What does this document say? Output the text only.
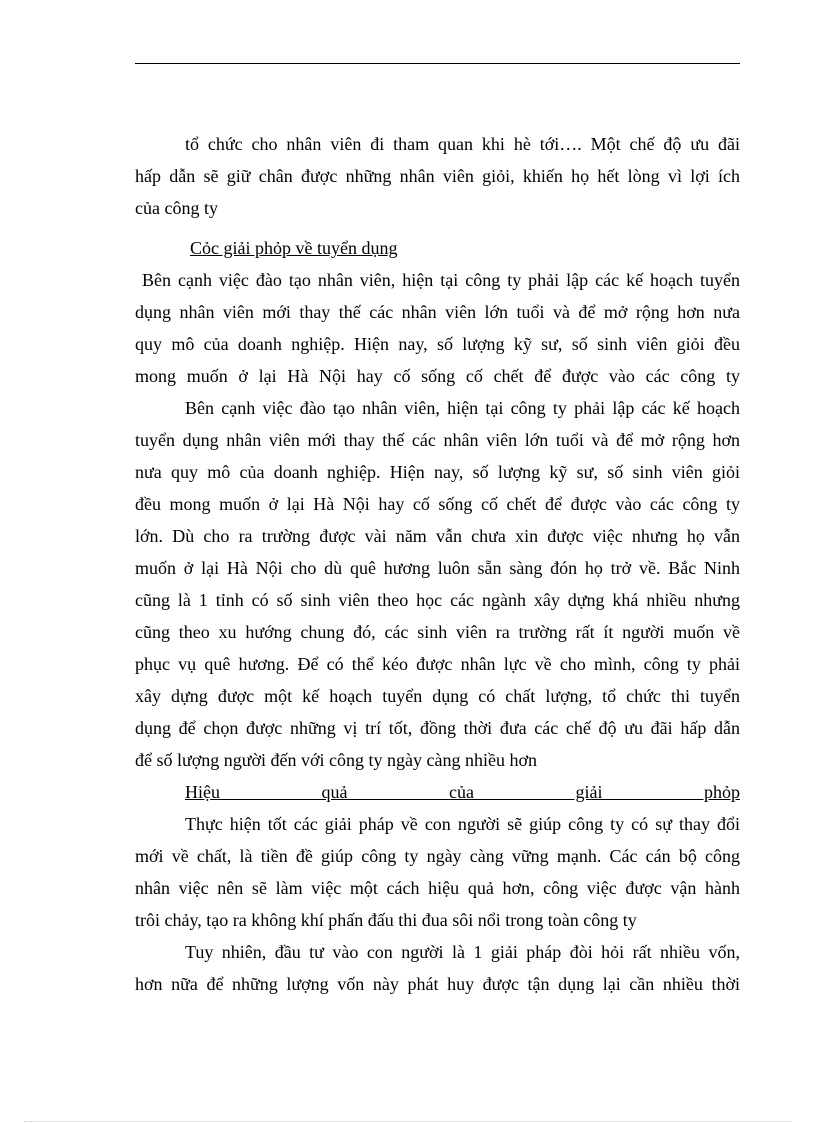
tổ chức cho nhân viên đi tham quan khi hè tới…. Một chế độ ưu đãi

hấp dẫn sẽ giữ chân được những nhân viên giỏi, khiến họ hết lòng vì lợi ích

của công ty

Cỏc giải phỏp về tuyển dụng

Bên cạnh việc đào tạo nhân viên, hiện tại công ty phải lập các kế hoạch tuyển

dụng nhân viên mới thay thế các nhân viên lớn tuổi và để mở rộng hơn nưa

quy mô của doanh nghiệp. Hiện nay, số lượng kỹ sư, số sinh viên giỏi đều

mong muốn ở lại Hà Nội hay cố sống cố chết để được vào các công ty

Bên cạnh việc đào tạo nhân viên, hiện tại công ty phải lập các kế hoạch

tuyển dụng nhân viên mới thay thế các nhân viên lớn tuổi và để mở rộng hơn

nưa quy mô của doanh nghiệp. Hiện nay, số lượng kỹ sư, số sinh viên giỏi

đều mong muốn ở lại Hà Nội hay cố sống cố chết để được vào các công ty

lớn. Dù cho ra trường được vài năm vẫn chưa xin được việc nhưng họ vẫn

muốn ở lại Hà Nội cho dù quê hương luôn sẵn sàng đón họ trở về. Bắc Ninh

cũng là 1 tỉnh có số sinh viên theo học các ngành xây dựng khá nhiều nhưng

cũng theo xu hướng chung đó, các sinh viên ra trường rất ít người muốn về

phục vụ quê hương. Để có thể kéo được nhân lực về cho mình, công ty phải

xây dựng được một kế hoạch tuyển dụng có chất lượng, tổ chức thi tuyển

dụng để chọn được những vị trí tốt, đồng thời đưa các chế độ ưu đãi hấp dẫn

để số lượng người đến với công ty ngày càng nhiều hơn

Hiệu quả của giải phỏp

Thực hiện tốt các giải pháp về con người sẽ giúp công ty có sự thay đổi

mới về chất, là tiền đề giúp công ty ngày càng vững mạnh. Các cán bộ công

nhân việc nên sẽ làm việc một cách hiệu quả hơn, công việc được vận hành

trôi chảy, tạo ra không khí phấn đấu thi đua sôi nổi trong toàn công ty

Tuy nhiên, đầu tư vào con người là 1 giải pháp đòi hỏi rất nhiều vốn,

hơn nữa để những lượng vốn này phát huy được tận dụng lại cần nhiều thời
